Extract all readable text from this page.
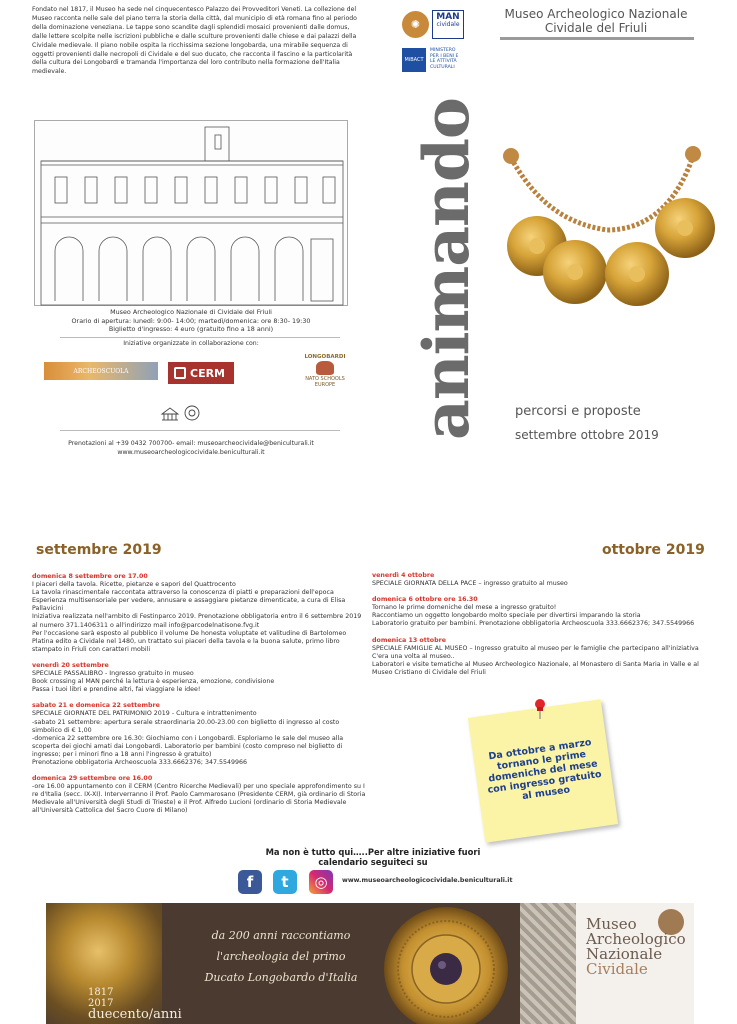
Fondato nel 1817, il Museo ha sede nel cinquecentesco Palazzo dei Provveditori Veneti. La collezione del Museo racconta nelle sale del piano terra la storia della città, dal municipio di età romana fino al periodo della dominazione veneziana. Le tappe sono scandite dagli splendidi mosaici provenienti dalle domus, dalle lettere scolpite nelle iscrizioni pubbliche e dalle sculture provenienti dalle chiese e dai palazzi della Cividale medievale. Il piano nobile ospita la ricchissima sezione longobarda, una mirabile sequenza di oggetti provenienti dalle necropoli di Cividale e del suo ducato, che racconta il fascino e la particolarità della cultura dei Longobardi e tramanda l'importanza del loro contributo nella formazione dell'Italia medievale.
Museo Archeologico Nazionale di Cividale del Friuli
Orario di apertura: lunedì: 9:00- 14:00; martedì/domenica: ore 8:30- 19:30
Biglietto d'ingresso: 4 euro (gratuito fino a 18 anni)
Iniziative organizzate in collaborazione con:
ARCHEOSCUOLA	CERM
LONGOBARDI
NATO SCHOOLS EUROPE
Prenotazioni al +39 0432 700700- email: museoarcheocividale@beniculturali.it
www.museoarcheologicocividale.beniculturali.it
animando
✺
MAN
cividale
MiBACT
MINISTERO
PER I BENI E
LE ATTIVITÀ
CULTURALI
Museo Archeologico Nazionale
Cividale del Friuli
percorsi e proposte
settembre ottobre 2019
settembre 2019	ottobre 2019
domenica 8 settembre ore 17.00
I piaceri della tavola. Ricette, pietanze e sapori del Quattrocento
La tavola rinascimentale raccontata attraverso la conoscenza di piatti e preparazioni dell'epoca Esperienza multisensoriale per vedere, annusare e assaggiare pietanze dimenticate, a cura di Elisa Pallavicini
Iniziativa realizzata nell'ambito di Festinparco 2019. Prenotazione obbligatoria entro il 6 settembre 2019 al numero 371.1406311 o all'indirizzo mail info@parcodelnatisone.fvg.it
Per l'occasione sarà esposto al pubblico il volume De honesta voluptate et valitudine di Bartolomeo Platina edito a Cividale nel 1480, un trattato sui piaceri della tavola e la buona salute, primo libro stampato in Friuli con caratteri mobili
venerdì 20 settembre
SPECIALE PASSALIBRO - Ingresso gratuito in museo
Book crossing al MAN perché la lettura è esperienza, emozione, condivisione
Passa i tuoi libri e prendine altri, fai viaggiare le idee!
sabato 21 e domenica 22 settembre
SPECIALE GIORNATE DEL PATRIMONIO 2019 - Cultura e intrattenimento
-sabato 21 settembre: apertura serale straordinaria 20.00-23.00 con biglietto di ingresso al costo simbolico di € 1,00
-domenica 22 settembre ore 16.30: Giochiamo con i Longobardi. Esploriamo le sale del museo alla scoperta dei giochi amati dai Longobardi. Laboratorio per bambini (costo compreso nel biglietto di ingresso; per i minori fino a 18 anni l'ingresso è gratuito)
Prenotazione obbligatoria Archeoscuola 333.6662376; 347.5549966
domenica 29 settembre ore 16.00
-ore 16.00 appuntamento con il CERM (Centro Ricerche Medievali) per uno speciale approfondimento su I re d'Italia (secc. IX-XI). Interverranno il Prof. Paolo Cammarosano (Presidente CERM, già ordinario di Storia Medievale all'Università degli Studi di Trieste) e il Prof. Alfredo Lucioni (ordinario di Storia Medievale all'Università Cattolica del Sacro Cuore di Milano)
venerdì 4 ottobre
SPECIALE GIORNATA DELLA PACE – ingresso gratuito al museo
domenica 6 ottobre ore 16.30
Tornano le prime domeniche del mese a ingresso gratuito!
Raccontiamo un oggetto longobardo molto speciale per divertirsi imparando la storia
Laboratorio gratuito per bambini. Prenotazione obbligatoria Archeoscuola 333.6662376; 347.5549966
domenica 13 ottobre
SPECIALE FAMIGLIE AL MUSEO – Ingresso gratuito al museo per le famiglie che partecipano all'iniziativa C'era una volta al museo..
Laboratori e visite tematiche al Museo Archeologico Nazionale, al Monastero di Santa Maria in Valle e al Museo Cristiano di Cividale del Friuli
Da ottobre a marzo tornano le prime domeniche del mese con ingresso gratuito al museo
Ma non è tutto qui…..Per altre iniziative fuori calendario seguiteci su
f	t	◎	www.museoarcheologicocividale.beniculturali.it
da 200 anni raccontiamo
l'archeologia del primo
Ducato Longobardo d'Italia
1817
2017
duecento/anni
Museo
Archeologico
Nazionale
Cividale
